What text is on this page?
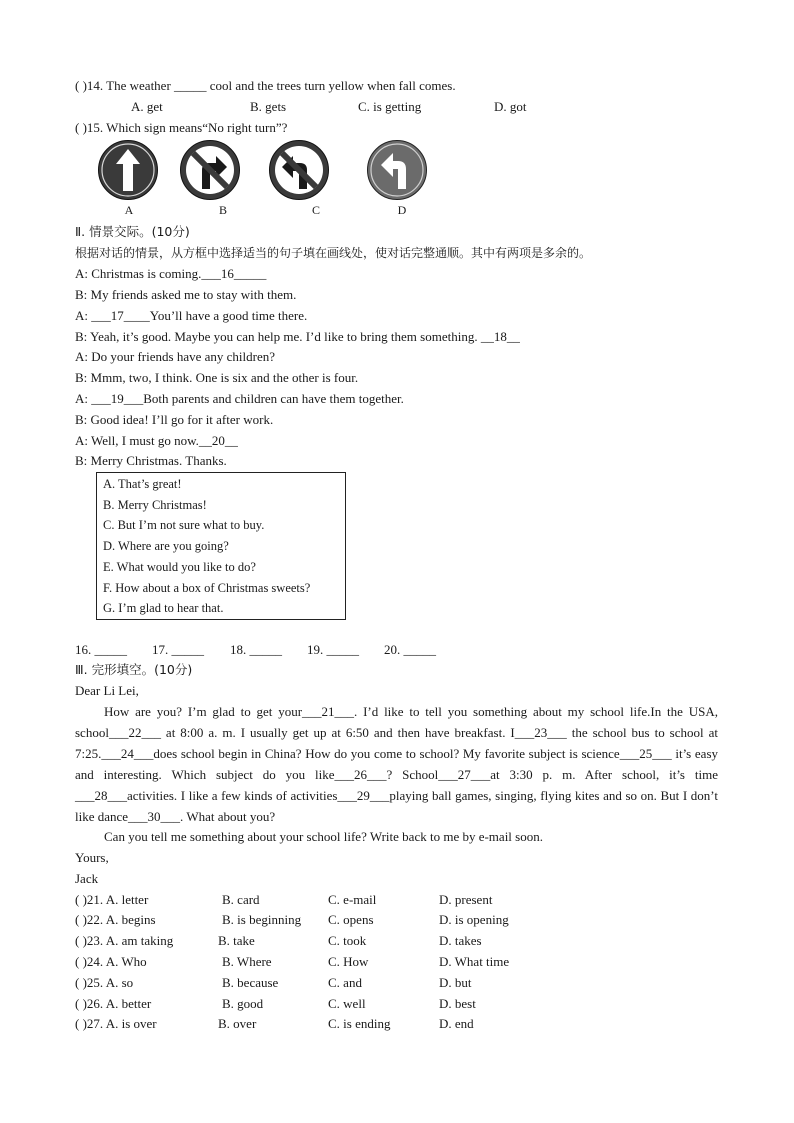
( )14. The weather _____ cool and the trees turn yellow when fall comes.
A. get	B. gets	C. is getting	D. got
( )15. Which sign means“No right turn”?
A	B	C	D
Ⅱ. 情景交际。(10分)
根据对话的情景，从方框中选择适当的句子填在画线处，使对话完整通顺。其中有两项是多余的。
A: Christmas is coming.___16_____
B: My friends asked me to stay with them.
A: ___17____You’ll have a good time there.
B: Yeah, it’s good. Maybe you can help me. I’d like to bring them something. __18__
A: Do your friends have any children?
B: Mmm, two, I think. One is six and the other is four.
A: ___19___Both parents and children can have them together.
B: Good idea! I’ll go for it after work.
A: Well, I must go now.__20__
B: Merry Christmas. Thanks.
A. That’s great!
B. Merry Christmas!
C. But I’m not sure what to buy.
D. Where are you going?
E. What would you like to do?
F. How about a box of Christmas sweets?
G. I’m glad to hear that.
16. _____ 17. _____ 18. _____ 19. _____ 20. _____
Ⅲ. 完形填空。(10分)
Dear Li Lei,
How are you? I’m glad to get your___21___. I’d like to tell you something about my school life.In the USA, school___22___ at 8:00 a. m. I usually get up at 6:50 and then have breakfast. I___23___ the school bus to school at 7:25.___24___does school begin in China? How do you come to school? My favorite subject is science___25___ it’s easy and interesting. Which subject do you like___26___? School___27___at 3:30 p. m. After school, it’s time ___28___activities. I like a few kinds of activities___29___playing ball games, singing, flying kites and so on. But I don’t like dance___30___. What about you?
Can you tell me something about your school life? Write back to me by e-mail soon.
Yours,
Jack
( )21. A. letter	B. card	C. e-mail	D. present
( )22. A. begins	B. is beginning C. opens	D. is opening
( )23. A. am taking	B. take	C. took	D. takes
( )24. A. Who	B. Where	C. How	D. What time
( )25. A. so	B. because	C. and	D. but
( )26. A. better	B. good	C. well	D. best
( )27. A. is over	B. over	C. is ending	D. end
